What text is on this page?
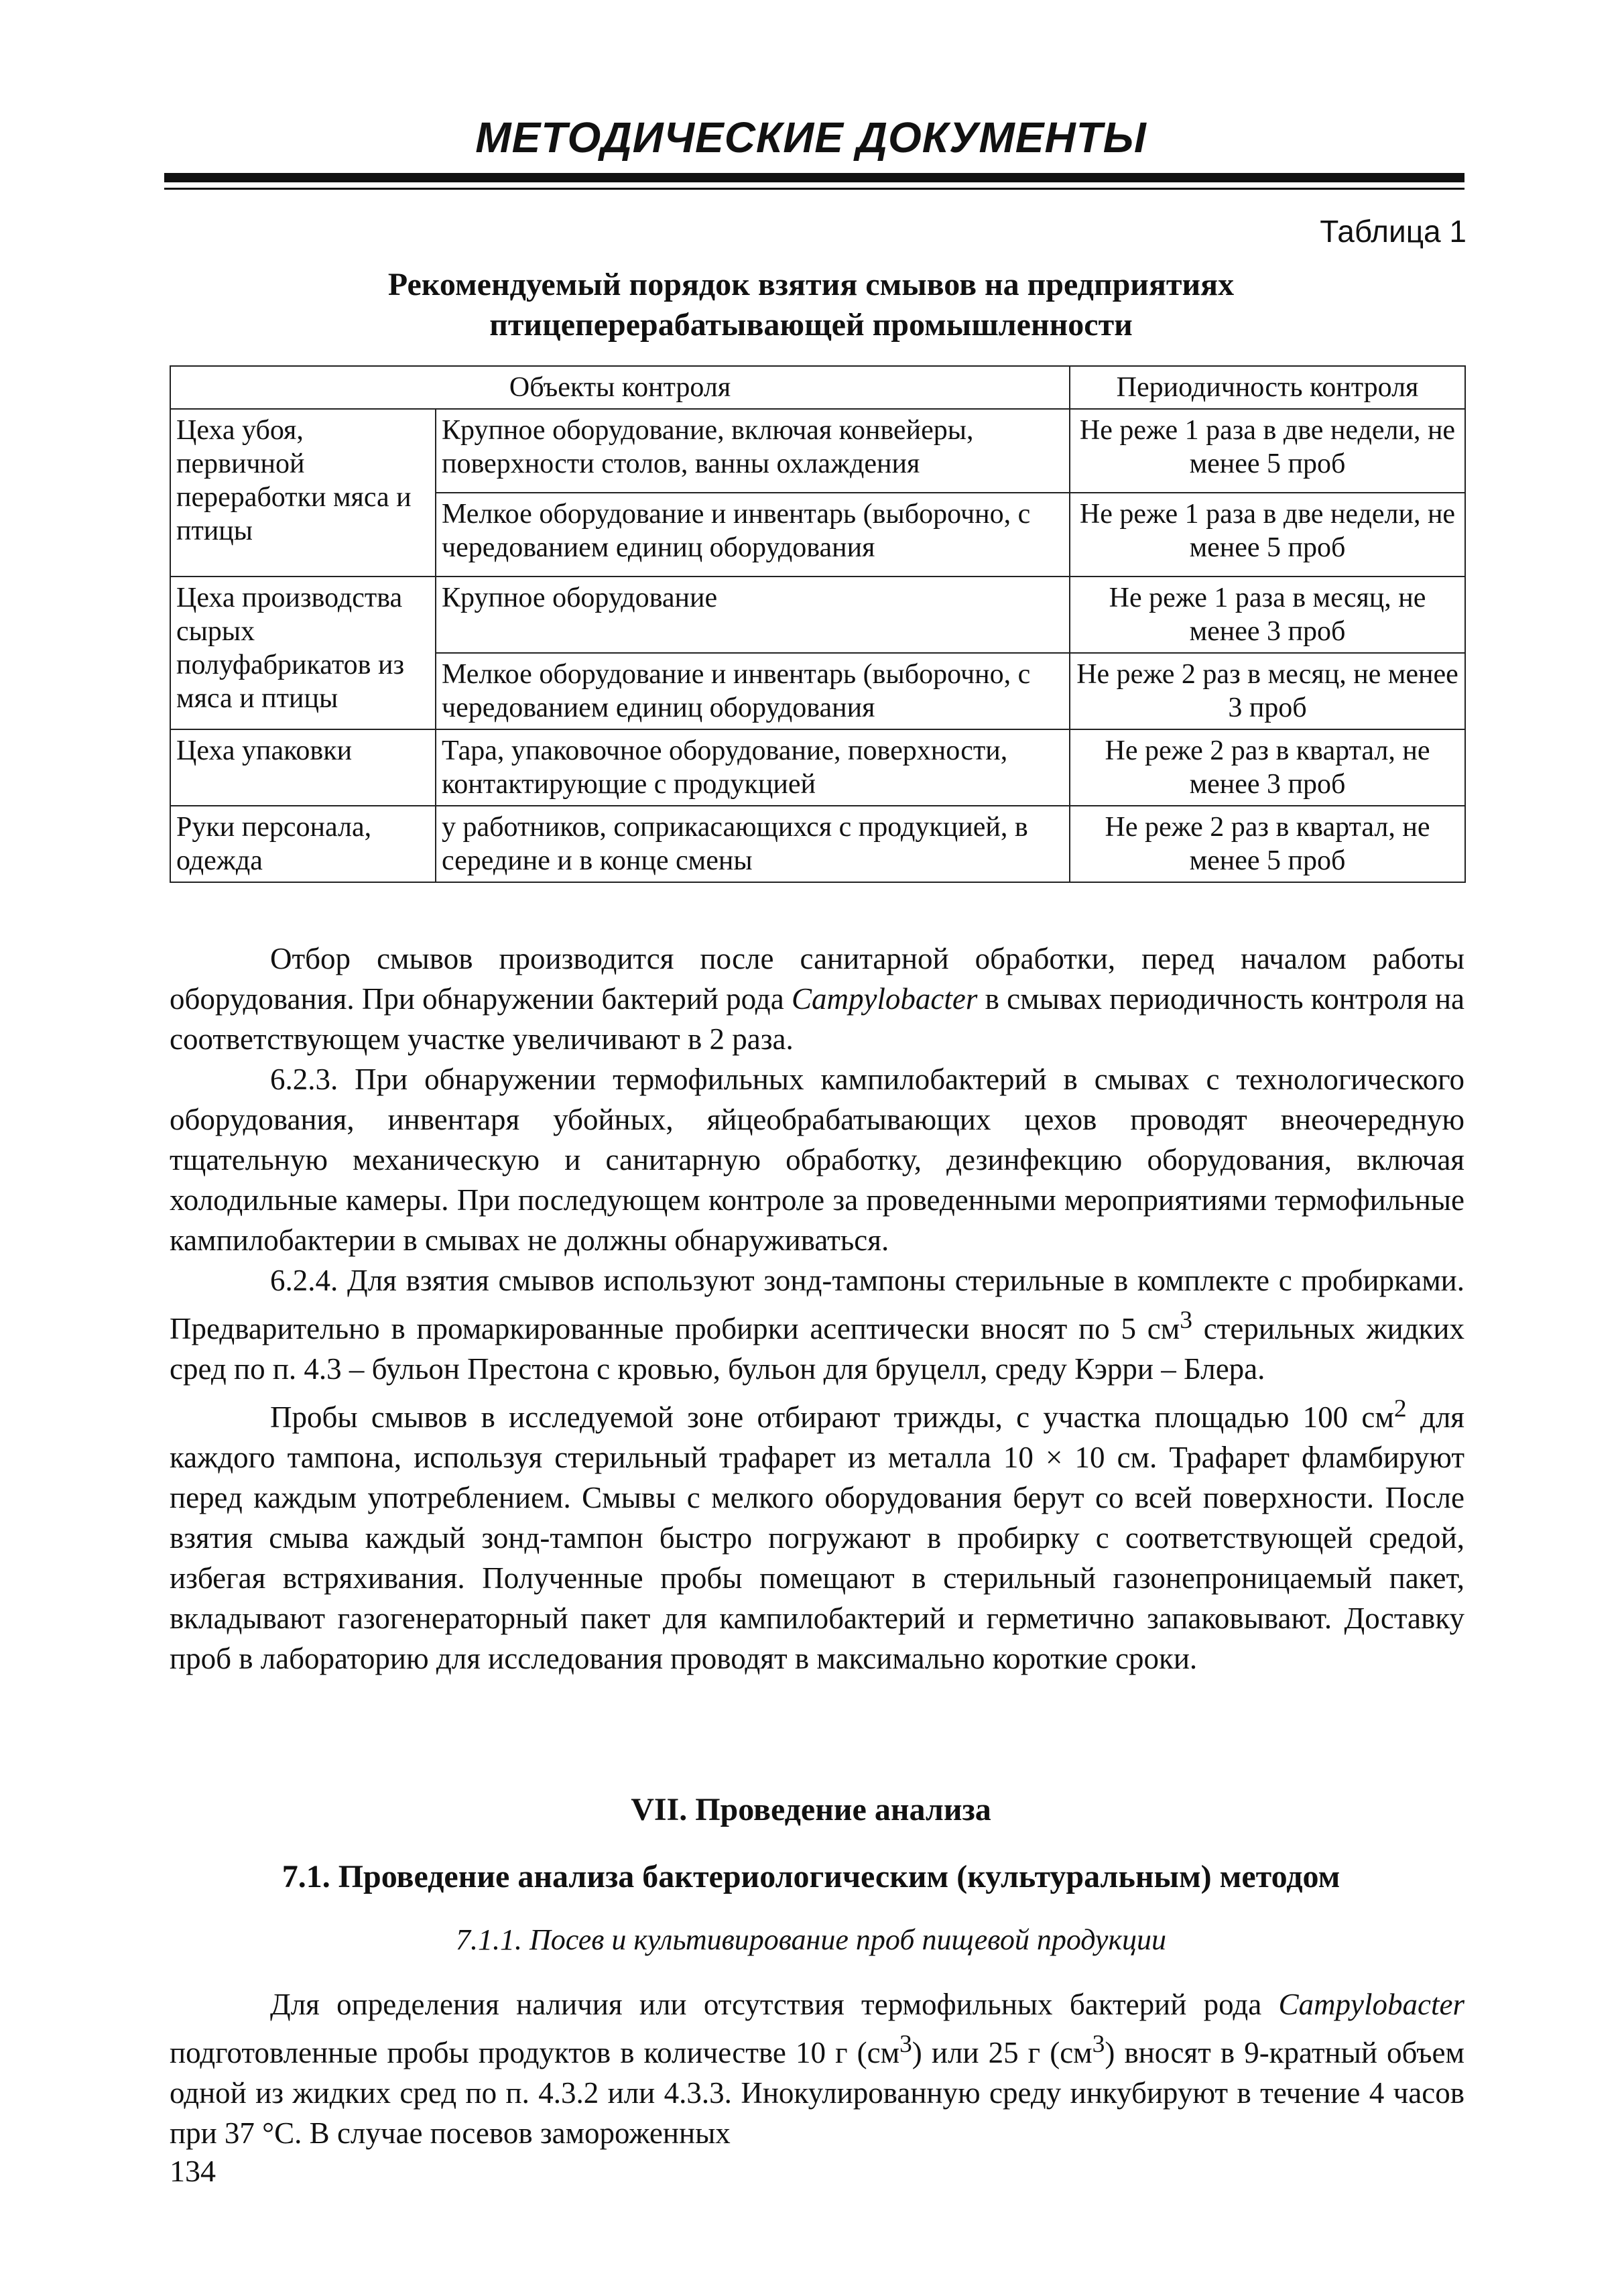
МЕТОДИЧЕСКИЕ ДОКУМЕНТЫ
Таблица 1
Рекомендуемый порядок взятия смывов на предприятиях
птицеперерабатывающей промышленности
Объекты контроля		Периодичность контроля
Цеха убоя, первичной переработки мяса и птицы	Крупное оборудование, включая конвейеры, поверхности столов, ванны охлаждения	Не реже 1 раза в две недели, не менее 5 проб
	Мелкое оборудование и инвентарь (выборочно, с чередованием единиц оборудования	Не реже 1 раза в две недели, не менее 5 проб
Цеха производства сырых полуфабрикатов из мяса и птицы	Крупное оборудование	Не реже 1 раза в месяц, не менее 3 проб
	Мелкое оборудование и инвентарь (выборочно, с чередованием единиц оборудования	Не реже 2 раз в месяц, не менее 3 проб
Цеха упаковки	Тара, упаковочное оборудование, поверхности, контактирующие с продукцией	Не реже 2 раз в квартал, не менее 3 проб
Руки персонала, одежда	у работников, соприкасающихся с продукцией, в середине и в конце смены	Не реже 2 раз в квартал, не менее 5 проб

Отбор смывов производится после санитарной обработки, перед началом работы оборудования. При обнаружении бактерий рода Campylobacter в смывах периодичность контроля на соответствующем участке увеличивают в 2 раза.

6.2.3. При обнаружении термофильных кампилобактерий в смывах с технологического оборудования, инвентаря убойных, яйцеобрабатывающих цехов проводят внеочередную тщательную механическую и санитарную обработку, дезинфекцию оборудования, включая холодильные камеры. При последующем контроле за проведенными мероприятиями термофильные кампилобактерии в смывах не должны обнаруживаться.

6.2.4. Для взятия смывов используют зонд-тампоны стерильные в комплекте с пробирками. Предварительно в промаркированные пробирки асептически вносят по 5 $см^3$ стерильных жидких сред по п. 4.3 – бульон Престона с кровью, бульон для бруцелл, среду Кэрри – Блера.

Пробы смывов в исследуемой зоне отбирают трижды, с участка площадью 100 $см^2$ для каждого тампона, используя стерильный трафарет из металла 10 × 10 см. Трафарет фламбируют перед каждым употреблением. Смывы с мелкого оборудования берут со всей поверхности. После взятия смыва каждый зонд-тампон быстро погружают в пробирку с соответствующей средой, избегая встряхивания. Полученные пробы помещают в стерильный газонепроницаемый пакет, вкладывают газогенераторный пакет для кампилобактерий и герметично запаковывают. Доставку проб в лабораторию для исследования проводят в максимально короткие сроки.

VII. Проведение анализа
7.1. Проведение анализа бактериологическим (культуральным) методом
7.1.1. Посев и культивирование проб пищевой продукции

Для определения наличия или отсутствия термофильных бактерий рода Campylobacter подготовленные пробы продуктов в количестве 10 г $(см^3)$ или 25 г $(см^3)$ вносят в 9-кратный объем одной из жидких сред по п. 4.3.2 или 4.3.3. Инокулированную среду инкубируют в течение 4 часов при 37 °С. В случае посевов замороженных

134
